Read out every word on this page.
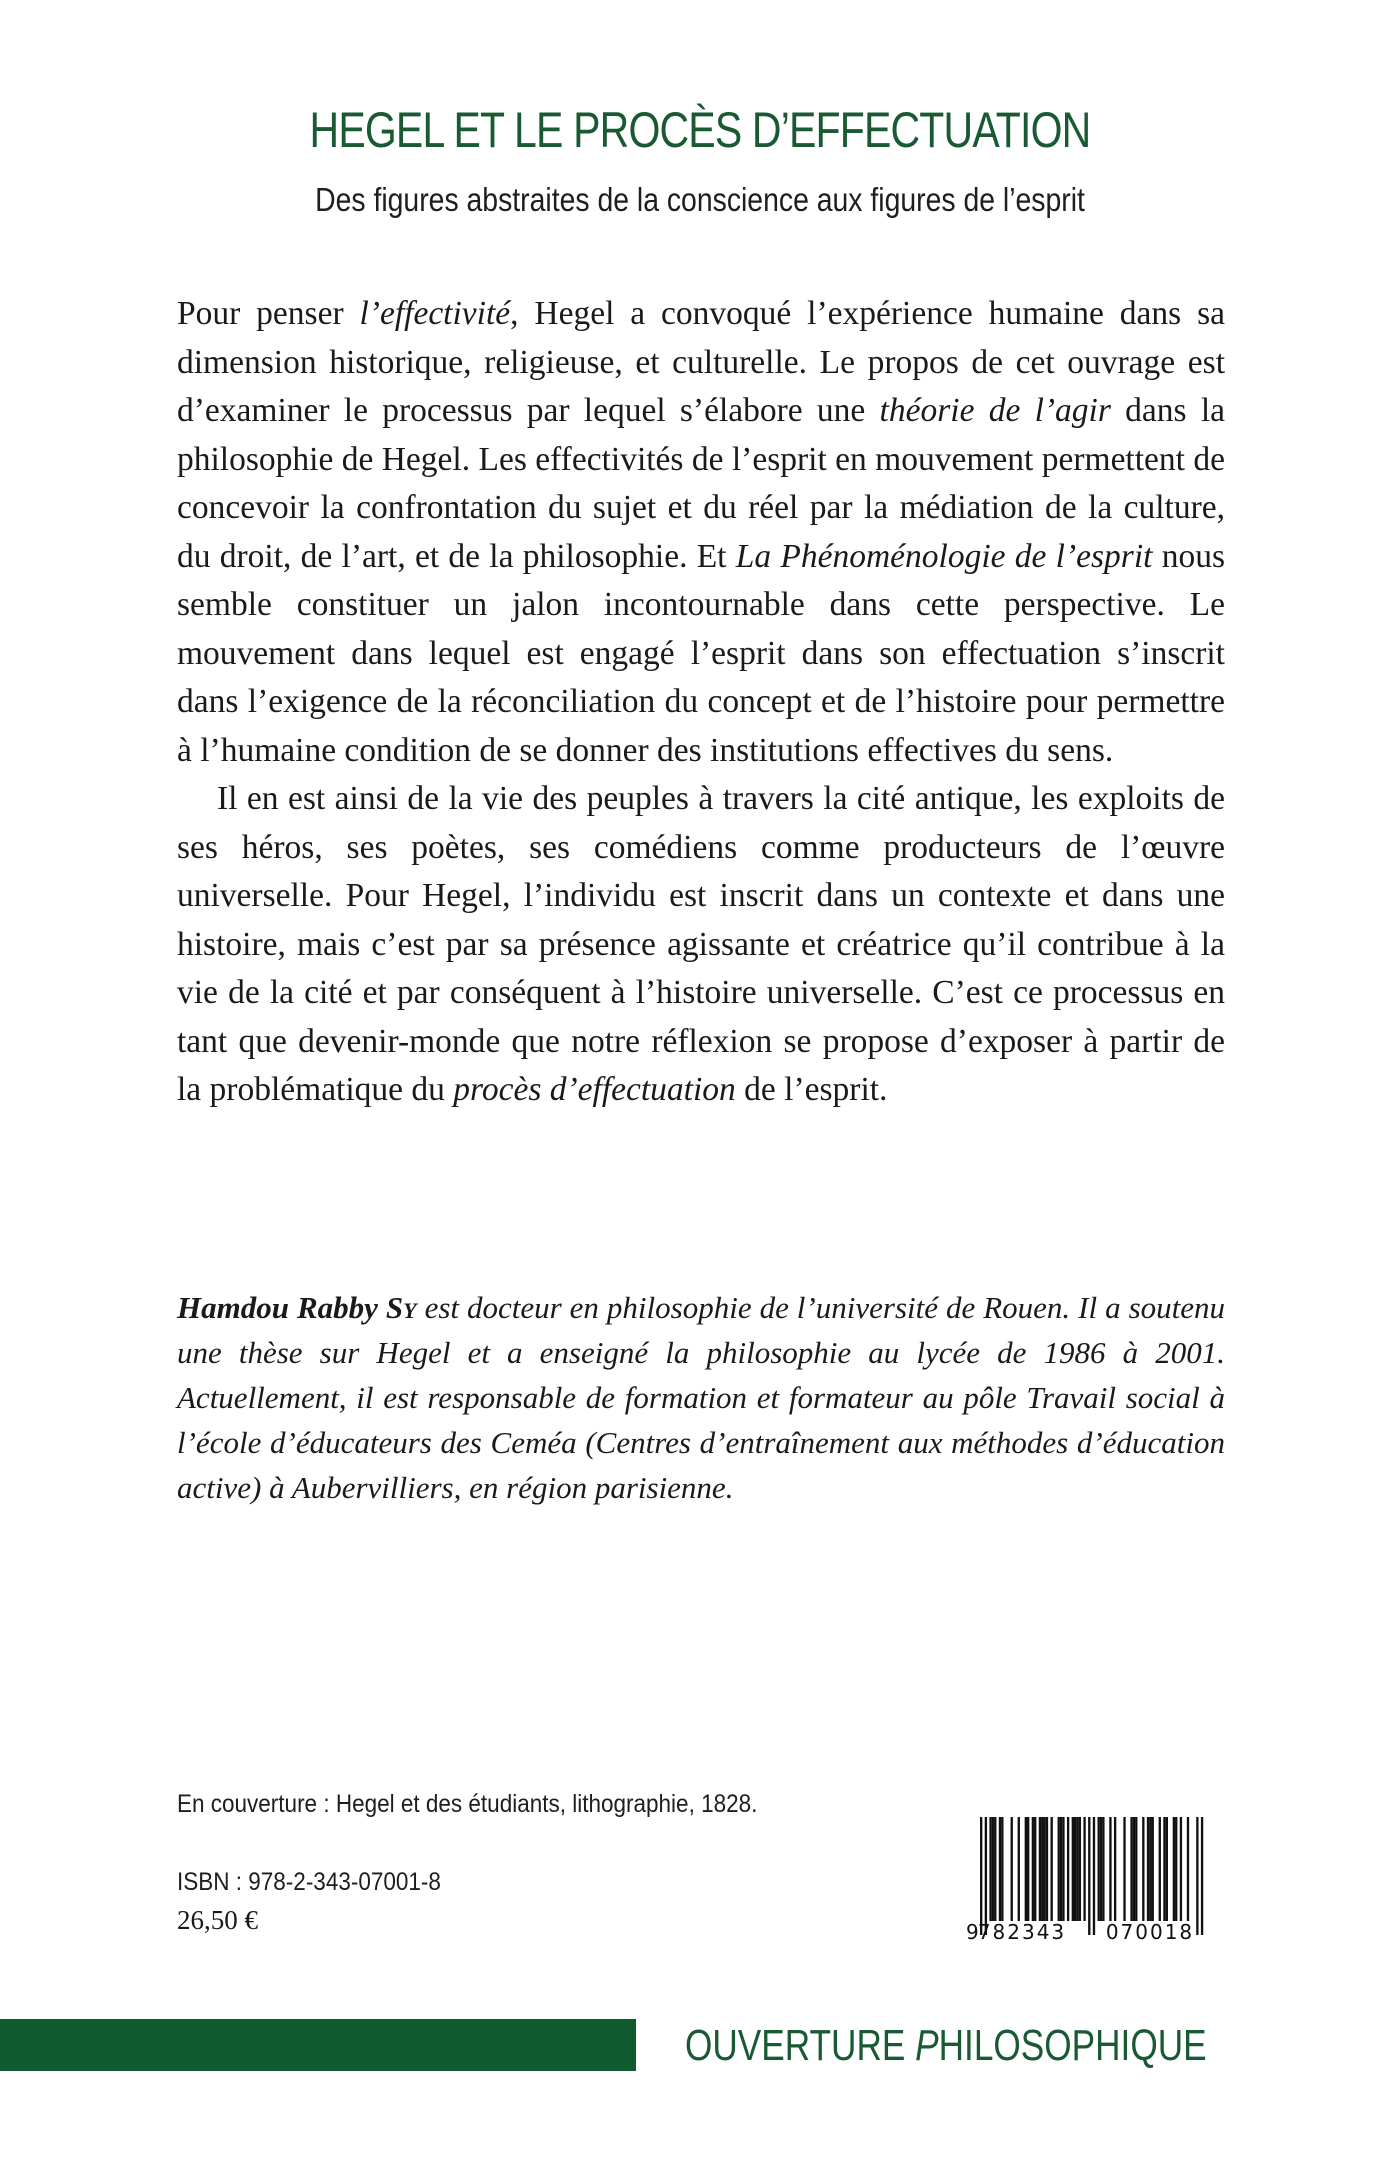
HEGEL ET LE PROCÈS D’EFFECTUATION
Des figures abstraites de la conscience aux figures de l’esprit

Pour penser l’effectivité, Hegel a convoqué l’expérience humaine dans sa dimension historique, religieuse, et culturelle. Le propos de cet ouvrage est d’examiner le processus par lequel s’élabore une théorie de l’agir dans la philosophie de Hegel. Les effectivités de l’esprit en mouvement permettent de concevoir la confrontation du sujet et du réel par la médiation de la culture, du droit, de l’art, et de la philosophie. Et La Phénoménologie de l’esprit nous semble constituer un jalon incontournable dans cette perspective. Le mouvement dans lequel est engagé l’esprit dans son effectuation s’inscrit dans l’exigence de la réconciliation du concept et de l’histoire pour permettre à l’humaine condition de se donner des institutions effectives du sens.

Il en est ainsi de la vie des peuples à travers la cité antique, les exploits de ses héros, ses poètes, ses comédiens comme producteurs de l’œuvre universelle. Pour Hegel, l’individu est inscrit dans un contexte et dans une histoire, mais c’est par sa présence agissante et créatrice qu’il contribue à la vie de la cité et par conséquent à l’histoire universelle. C’est ce processus en tant que devenir-monde que notre réflexion se propose d’exposer à partir de la problématique du procès d’effectuation de l’esprit.

Hamdou Rabby Sy est docteur en philosophie de l’université de Rouen. Il a soutenu une thèse sur Hegel et a enseigné la philosophie au lycée de 1986 à 2001. Actuellement, il est responsable de formation et formateur au pôle Travail social à l’école d’éducateurs des Ceméa (Centres d’entraînement aux méthodes d’éducation active) à Aubervilliers, en région parisienne.

En couverture : Hegel et des étudiants, lithographie, 1828.
ISBN : 978-2-343-07001-8
26,50 €	9 782343 070018
OUVERTURE PHILOSOPHIQUE
